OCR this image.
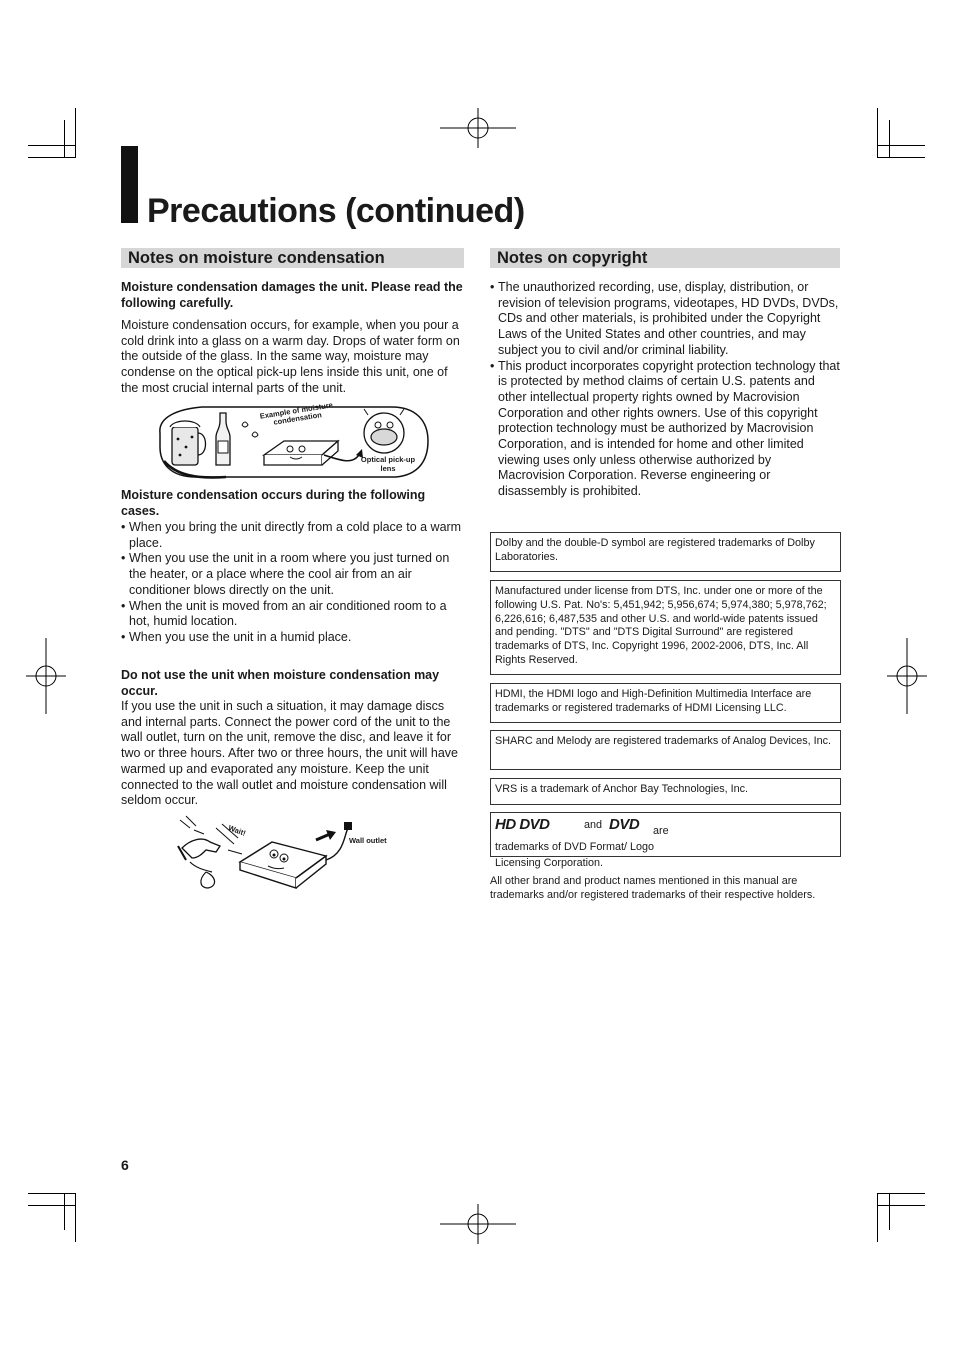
Precautions (continued)
Notes on moisture condensation
Moisture condensation damages the unit. Please read the following carefully.
Moisture condensation occurs, for example, when you pour a cold drink into a glass on a warm day. Drops of water form on the outside of the glass. In the same way, moisture may condense on the optical pick-up lens inside this unit, one of the most crucial internal parts of the unit.
Example of moisture condensation
Optical pick-up lens
Moisture condensation occurs during the following cases.
• When you bring the unit directly from a cold place to a warm place.
• When you use the unit in a room where you just turned on the heater, or a place where the cool air from an air conditioner blows directly on the unit.
• When the unit is moved from an air conditioned room to a hot, humid location.
• When you use the unit in a humid place.
Do not use the unit when moisture condensation may occur.
If you use the unit in such a situation, it may damage discs and internal parts. Connect the power cord of the unit to the wall outlet, turn on the unit, remove the disc, and leave it for two or three hours. After two or three hours, the unit will have warmed up and evaporated any moisture. Keep the unit connected to the wall outlet and moisture condensation will seldom occur.
Wait!
Wall outlet
Notes on copyright
• The unauthorized recording, use, display, distribution, or revision of television programs, videotapes, HD DVDs, DVDs, CDs and other materials, is prohibited under the Copyright Laws of the United States and other countries, and may subject you to civil and/or criminal liability.
• This product incorporates copyright protection technology that is protected by method claims of certain U.S. patents and other intellectual property rights owned by Macrovision Corporation and other rights owners. Use of this copyright protection technology must be authorized by Macrovision Corporation, and is intended for home and other limited viewing uses only unless otherwise authorized by Macrovision Corporation. Reverse engineering or disassembly is prohibited.
Dolby and the double-D symbol are registered trademarks of Dolby Laboratories.
Manufactured under license from DTS, Inc. under one or more of the following U.S. Pat. No's: 5,451,942; 5,956,674; 5,974,380; 5,978,762; 6,226,616; 6,487,535 and other U.S. and world-wide patents issued and pending. "DTS" and "DTS Digital Surround" are registered trademarks of DTS, Inc. Copyright 1996, 2002-2006, DTS, Inc. All Rights Reserved.
HDMI, the HDMI logo and High-Definition Multimedia Interface are trademarks or registered trademarks of HDMI Licensing LLC.
SHARC and Melody are registered trademarks of Analog Devices, Inc.
VRS is a trademark of Anchor Bay Technologies, Inc.
HD DVD	and DVD	are trademarks of DVD Format/ Logo Licensing Corporation.
All other brand and product names mentioned in this manual are trademarks and/or registered trademarks of their respective holders.
6
